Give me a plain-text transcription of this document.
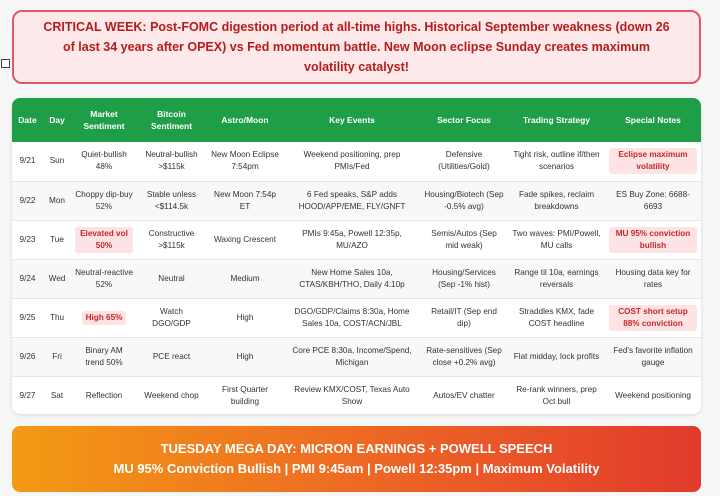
CRITICAL WEEK: Post-FOMC digestion period at all-time highs. Historical September weakness (down 26 of last 34 years after OPEX) vs Fed momentum battle. New Moon eclipse Sunday creates maximum volatility catalyst!
Date	Day	Market Sentiment	Bitcoin Sentiment	Astro/Moon	Key Events	Sector Focus	Trading Strategy	Special Notes
9/21	Sun	Quiet-bullish 48%	Neutral-bullish >$115k	New Moon Eclipse 7:54pm	Weekend positioning, prep PMIs/Fed	Defensive (Utilities/Gold)	Tight risk, outline if/then scenarios	Eclipse maximum volatility
9/22	Mon	Choppy dip-buy 52%	Stable unless <$114.5k	New Moon 7:54p ET	6 Fed speaks, S&P adds HOOD/APP/EME, FLY/GNFT	Housing/Biotech (Sep -0.5% avg)	Fade spikes, reclaim breakdowns	ES Buy Zone: 6688-6693
9/23	Tue	Elevated vol 50%	Constructive >$115k	Waxing Crescent	PMIs 9:45a, Powell 12:35p, MU/AZO	Semis/Autos (Sep mid weak)	Two waves: PMI/Powell, MU calls	MU 95% conviction bullish
9/24	Wed	Neutral-reactive 52%	Neutral	Medium	New Home Sales 10a, CTAS/KBH/THO, Daily 4:10p	Housing/Services (Sep -1% hist)	Range til 10a, earnings reversals	Housing data key for rates
9/25	Thu	High 65%	Watch DGO/GDP	High	DGO/GDP/Claims 8:30a, Home Sales 10a, COST/ACN/JBL	Retail/IT (Sep end dip)	Straddles KMX, fade COST headline	COST short setup 88% conviction
9/26	Fri	Binary AM trend 50%	PCE react	High	Core PCE 8:30a, Income/Spend, Michigan	Rate-sensitives (Sep close +0.2% avg)	Flat midday, lock profits	Fed's favorite inflation gauge
9/27	Sat	Reflection	Weekend chop	First Quarter building	Review KMX/COST, Texas Auto Show	Autos/EV chatter	Re-rank winners, prep Oct bull	Weekend positioning
TUESDAY MEGA DAY: MICRON EARNINGS + POWELL SPEECH
MU 95% Conviction Bullish | PMI 9:45am | Powell 12:35pm | Maximum Volatility
